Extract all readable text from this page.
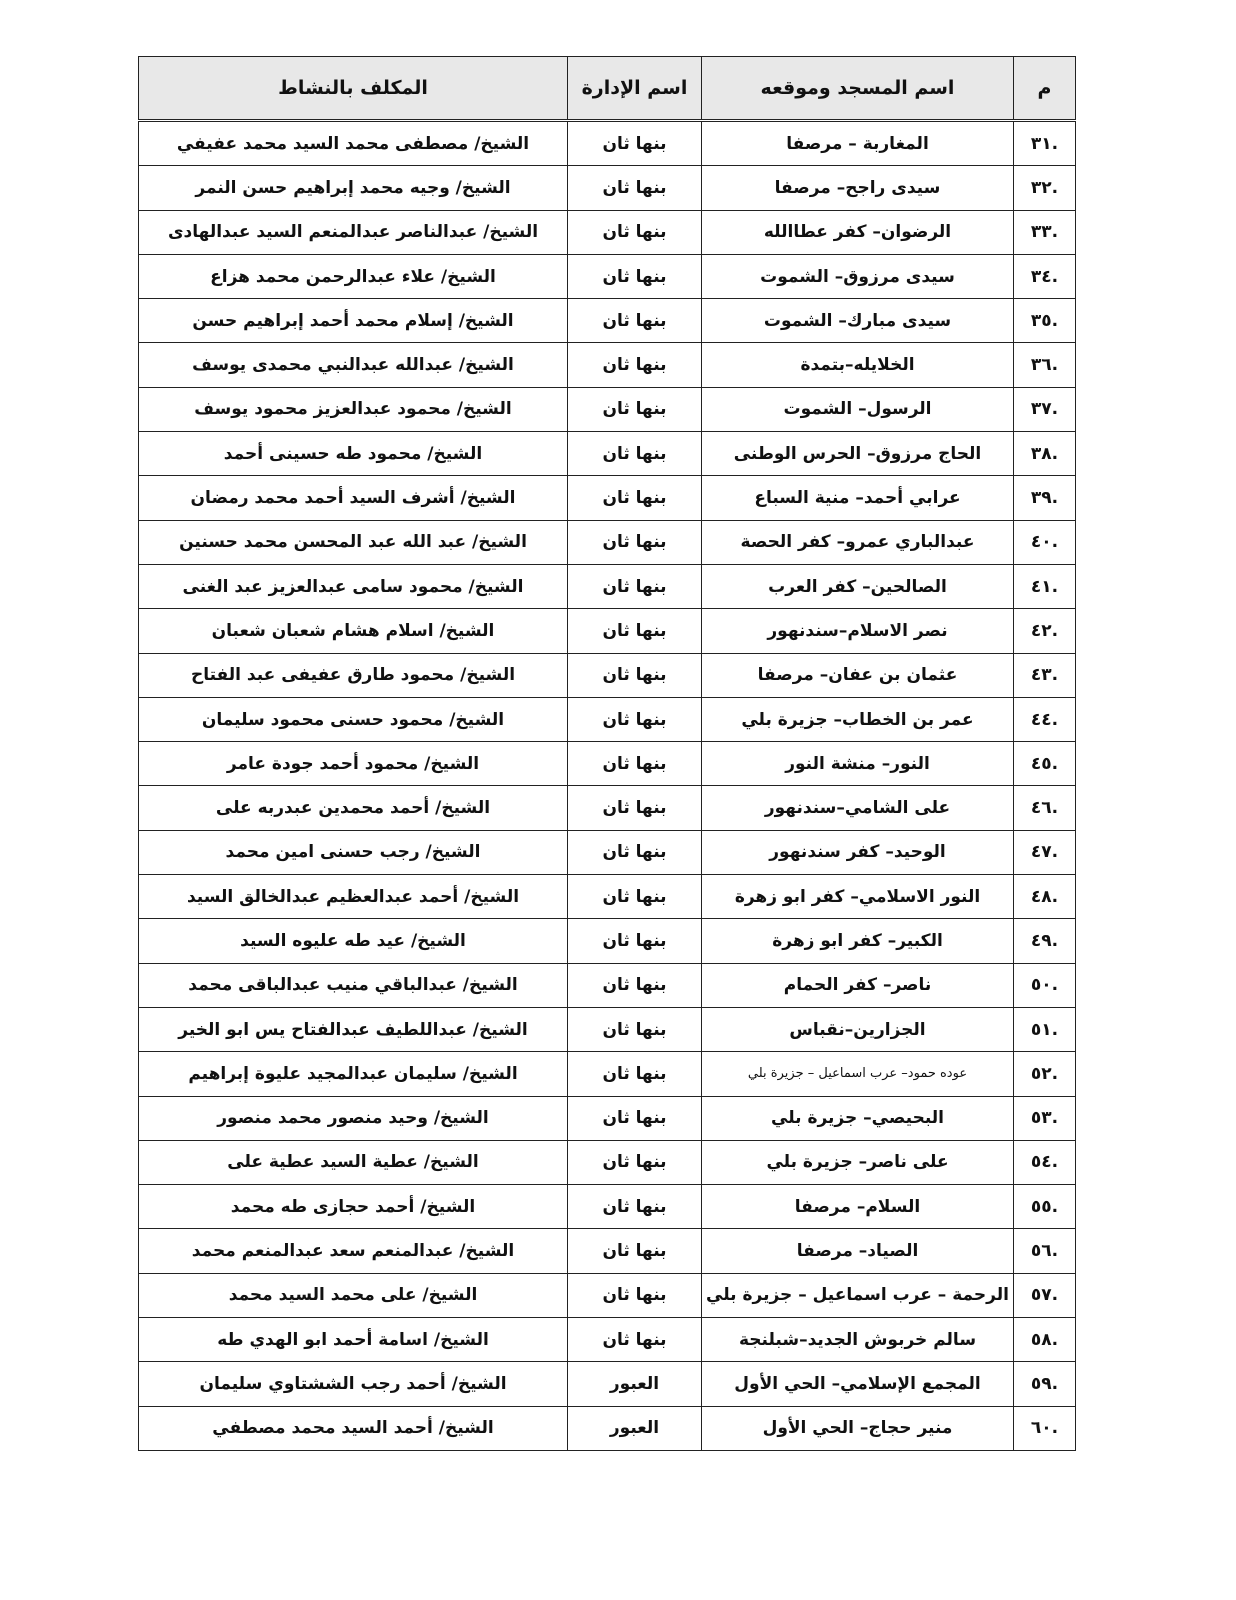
م	اسم المسجد وموقعه	اسم الإدارة	المكلف بالنشاط
.٣١	المغاربة – مرصفا	بنها ثان	الشيخ/ مصطفى محمد السيد محمد عفيفي
.٣٢	سيدى راجح– مرصفا	بنها ثان	الشيخ/ وجيه محمد إبراهيم حسن النمر
.٣٣	الرضوان– كفر عطاالله	بنها ثان	الشيخ/ عبدالناصر عبدالمنعم السيد عبدالهادى
.٣٤	سيدى مرزوق– الشموت	بنها ثان	الشيخ/ علاء عبدالرحمن محمد هزاع
.٣٥	سيدى مبارك– الشموت	بنها ثان	الشيخ/ إسلام محمد أحمد إبراهيم حسن
.٣٦	الخلايله–بتمدة	بنها ثان	الشيخ/ عبدالله عبدالنبي محمدى يوسف
.٣٧	الرسول– الشموت	بنها ثان	الشيخ/ محمود عبدالعزيز محمود يوسف
.٣٨	الحاج مرزوق– الحرس الوطنى	بنها ثان	الشيخ/ محمود طه حسينى أحمد
.٣٩	عرابي أحمد– منية السباع	بنها ثان	الشيخ/ أشرف السيد أحمد محمد رمضان
.٤٠	عبدالباري عمرو– كفر الحصة	بنها ثان	الشيخ/ عبد الله عبد المحسن محمد حسنين
.٤١	الصالحين– كفر العرب	بنها ثان	الشيخ/ محمود سامى عبدالعزيز عبد الغنى
.٤٢	نصر الاسلام–سندنهور	بنها ثان	الشيخ/ اسلام هشام شعبان شعبان
.٤٣	عثمان بن عفان– مرصفا	بنها ثان	الشيخ/ محمود طارق عفيفى عبد الفتاح
.٤٤	عمر بن الخطاب– جزيرة بلي	بنها ثان	الشيخ/ محمود حسنى محمود سليمان
.٤٥	النور– منشة النور	بنها ثان	الشيخ/ محمود أحمد جودة عامر
.٤٦	على الشامي–سندنهور	بنها ثان	الشيخ/ أحمد محمدين عبدربه على
.٤٧	الوحيد– كفر سندنهور	بنها ثان	الشيخ/ رجب حسنى امين محمد
.٤٨	النور الاسلامي– كفر ابو زهرة	بنها ثان	الشيخ/ أحمد عبدالعظيم عبدالخالق السيد
.٤٩	الكبير– كفر ابو زهرة	بنها ثان	الشيخ/ عيد طه عليوه السيد
.٥٠	ناصر– كفر الحمام	بنها ثان	الشيخ/ عبدالباقي منيب عبدالباقى محمد
.٥١	الجزارين–نقباس	بنها ثان	الشيخ/ عبداللطيف عبدالفتاح يس ابو الخير
.٥٢	عوده حمود– عرب اسماعيل – جزيرة بلي	بنها ثان	الشيخ/ سليمان عبدالمجيد عليوة إبراهيم
.٥٣	البحيصي– جزيرة بلي	بنها ثان	الشيخ/ وحيد منصور محمد منصور
.٥٤	على ناصر– جزيرة بلي	بنها ثان	الشيخ/ عطية السيد عطية على
.٥٥	السلام– مرصفا	بنها ثان	الشيخ/ أحمد حجازى طه محمد
.٥٦	الصياد– مرصفا	بنها ثان	الشيخ/ عبدالمنعم سعد عبدالمنعم محمد
.٥٧	الرحمة – عرب اسماعيل – جزيرة بلي	بنها ثان	الشيخ/ على محمد السيد محمد
.٥٨	سالم خربوش الجديد–شبلنجة	بنها ثان	الشيخ/ اسامة أحمد ابو الهدي طه
.٥٩	المجمع الإسلامي– الحي الأول	العبور	الشيخ/ أحمد رجب الششتاوي سليمان
.٦٠	منير حجاج– الحي الأول	العبور	الشيخ/ أحمد السيد محمد مصطفي
